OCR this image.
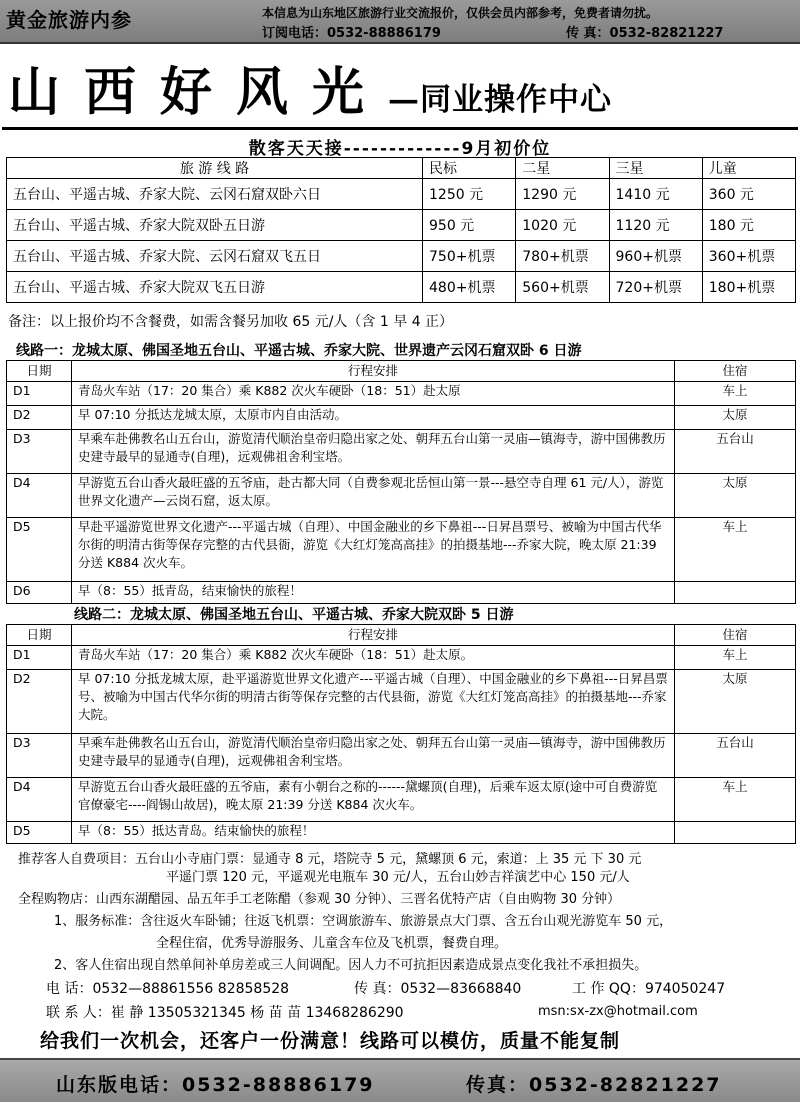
黄金旅游内参	本信息为山东地区旅游行业交流报价，仅供会员内部参考，免费者请勿扰。
订阅电话：0532-88886179	传 真：0532-82821227
山西好风光—同业操作中心
散客天天接-------------9月初价位
旅 游 线 路	民标	二星	三星	儿童
五台山、平遥古城、乔家大院、云冈石窟双卧六日	1250 元	1290 元	1410 元	360 元
五台山、平遥古城、乔家大院双卧五日游	950 元	1020 元	1120 元	180 元
五台山、平遥古城、乔家大院、云冈石窟双飞五日	750+机票	780+机票	960+机票	360+机票
五台山、平遥古城、乔家大院双飞五日游	480+机票	560+机票	720+机票	180+机票
备注：以上报价均不含餐费，如需含餐另加收 65 元/人（含 1 早 4 正）
线路一：龙城太原、佛国圣地五台山、平遥古城、乔家大院、世界遗产云冈石窟双卧 6 日游
日期	行程安排	住宿
D1	青岛火车站（17：20 集合）乘 K882 次火车硬卧（18：51）赴太原	车上
D2	早 07:10 分抵达龙城太原，太原市内自由活动。	太原
D3	早乘车赴佛教名山五台山，游览清代顺治皇帝归隐出家之处、朝拜五台山第一灵庙—镇海寺，游中国佛教历史建寺最早的显通寺(自理)，远观佛祖舍利宝塔。	五台山
D4	早游览五台山香火最旺盛的五爷庙，赴古都大同（自费参观北岳恒山第一景---悬空寺自理 61 元/人），游览世界文化遗产—云岗石窟，返太原。	太原
D5	早赴平遥游览世界文化遗产---平遥古城（自理）、中国金融业的乡下鼻祖---日昇昌票号、被喻为中国古代华尔街的明清古街等保存完整的古代县衙，游览《大红灯笼高高挂》的拍摄基地---乔家大院，晚太原 21:39 分送 K884 次火车。	车上
D6	早（8：55）抵青岛，结束愉快的旅程！	
线路二：龙城太原、佛国圣地五台山、平遥古城、乔家大院双卧 5 日游
日期	行程安排	住宿
D1	青岛火车站（17：20 集合）乘 K882 次火车硬卧（18：51）赴太原。	车上
D2	早 07:10 分抵龙城太原，赴平遥游览世界文化遗产---平遥古城（自理）、中国金融业的乡下鼻祖---日昇昌票号、被喻为中国古代华尔街的明清古街等保存完整的古代县衙，游览《大红灯笼高高挂》的拍摄基地---乔家大院。	太原
D3	早乘车赴佛教名山五台山，游览清代顺治皇帝归隐出家之处、朝拜五台山第一灵庙—镇海寺，游中国佛教历史建寺最早的显通寺(自理)，远观佛祖舍利宝塔。	五台山
D4	早游览五台山香火最旺盛的五爷庙，素有小朝台之称的------黛螺顶(自理)，后乘车返太原(途中可自费游览官僚豪宅----阎锡山故居)，晚太原 21:39 分送 K884 次火车。	车上
D5	早（8：55）抵达青岛。结束愉快的旅程！	
推荐客人自费项目：五台山小寺庙门票：显通寺 8 元，塔院寺 5 元，黛螺顶 6 元，索道：上 35 元 下 30 元
平遥门票 120 元，平遥观光电瓶车 30 元/人，五台山妙吉祥演艺中心 150 元/人
全程购物店：山西东湖醋园、品五年手工老陈醋（参观 30 分钟）、三晋名优特产店（自由购物 30 分钟）
1、服务标准：含往返火车卧铺；往返飞机票：空调旅游车、旅游景点大门票、含五台山观光游览车 50 元，
全程住宿，优秀导游服务、儿童含车位及飞机票，餐费自理。
2、客人住宿出现自然单间补单房差或三人间调配。因人力不可抗拒因素造成景点变化我社不承担损失。
电 话：0532—88861556 82858528	传 真：0532—83668840	工 作 QQ：974050247
联 系 人：崔 静 13505321345 杨 苗 苗 13468286290	msn:sx-zx@hotmail.com
给我们一次机会，还客户一份满意！线路可以模仿，质量不能复制
山东版电话：0532-88886179	传真：0532-82821227
